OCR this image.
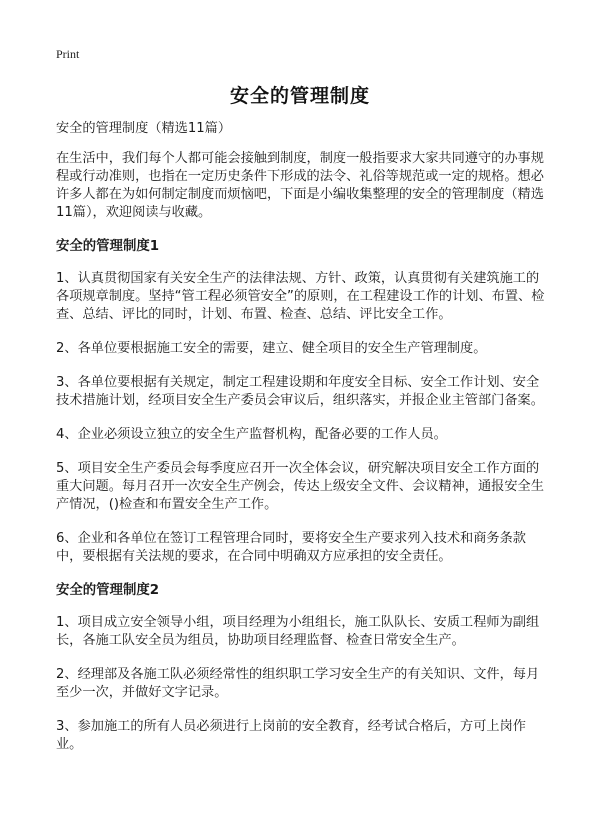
Print
安全的管理制度

安全的管理制度（精选11篇）

在生活中，我们每个人都可能会接触到制度，制度一般指要求大家共同遵守的办事规程或行动准则，也指在一定历史条件下形成的法令、礼俗等规范或一定的规格。想必许多人都在为如何制定制度而烦恼吧，下面是小编收集整理的安全的管理制度（精选11篇），欢迎阅读与收藏。

安全的管理制度1

1、认真贯彻国家有关安全生产的法律法规、方针、政策，认真贯彻有关建筑施工的各项规章制度。坚持“管工程必须管安全”的原则，在工程建设工作的计划、布置、检查、总结、评比的同时，计划、布置、检查、总结、评比安全工作。

2、各单位要根据施工安全的需要，建立、健全项目的安全生产管理制度。

3、各单位要根据有关规定，制定工程建设期和年度安全目标、安全工作计划、安全技术措施计划，经项目安全生产委员会审议后，组织落实，并报企业主管部门备案。

4、企业必须设立独立的安全生产监督机构，配备必要的工作人员。

5、项目安全生产委员会每季度应召开一次全体会议，研究解决项目安全工作方面的重大问题。每月召开一次安全生产例会，传达上级安全文件、会议精神，通报安全生产情况，()检查和布置安全生产工作。

6、企业和各单位在签订工程管理合同时，要将安全生产要求列入技术和商务条款中，要根据有关法规的要求，在合同中明确双方应承担的安全责任。

安全的管理制度2

1、项目成立安全领导小组，项目经理为小组组长，施工队队长、安质工程师为副组长，各施工队安全员为组员，协助项目经理监督、检查日常安全生产。

2、经理部及各施工队必须经常性的组织职工学习安全生产的有关知识、文件，每月至少一次，并做好文字记录。

3、参加施工的所有人员必须进行上岗前的安全教育，经考试合格后，方可上岗作业。
